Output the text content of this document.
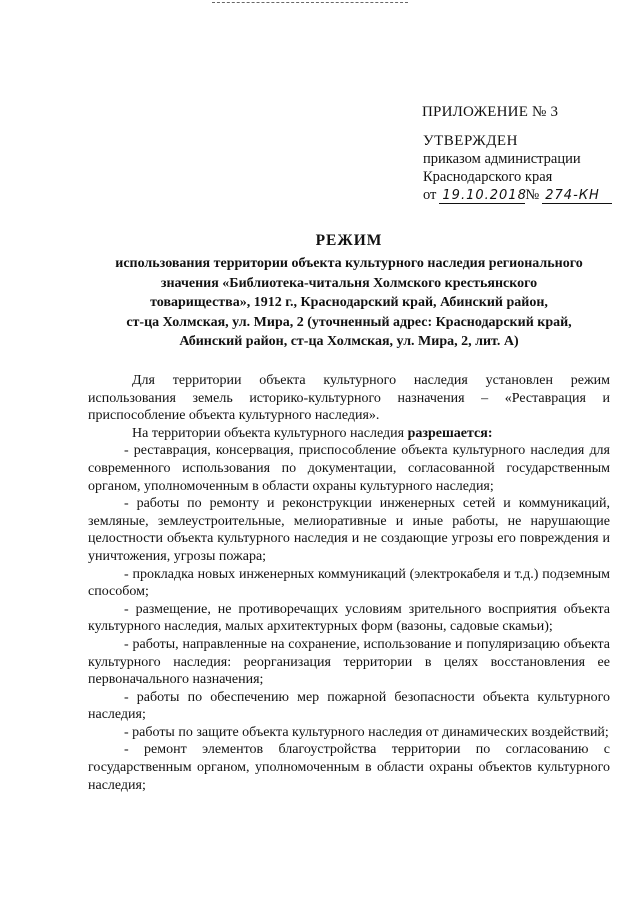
ПРИЛОЖЕНИЕ № 3
УТВЕРЖДЕН
приказом администрации
Краснодарского края
от 19.10.2018
№ 274-КН
РЕЖИМ
использования территории объекта культурного наследия регионального
значения «Библиотека-читальня Холмского крестьянского
товарищества», 1912 г., Краснодарский край, Абинский район,
ст-ца Холмская, ул. Мира, 2 (уточненный адрес: Краснодарский край,
Абинский район, ст-ца Холмская, ул. Мира, 2, лит. А)

Для территории объекта культурного наследия установлен режим использования земель историко-культурного назначения – «Реставрация и приспособление объекта культурного наследия».

На территории объекта культурного наследия разрешается:

- реставрация, консервация, приспособление объекта культурного наследия для современного использования по документации, согласованной государственным органом, уполномоченным в области охраны культурного наследия;

- работы по ремонту и реконструкции инженерных сетей и коммуникаций, земляные, землеустроительные, мелиоративные и иные работы, не нарушающие целостности объекта культурного наследия и не создающие угрозы его повреждения и уничтожения, угрозы пожара;

- прокладка новых инженерных коммуникаций (электрокабеля и т.д.) подземным способом;

- размещение, не противоречащих условиям зрительного восприятия объекта культурного наследия, малых архитектурных форм (вазоны, садовые скамьи);

- работы, направленные на сохранение, использование и популяризацию объекта культурного наследия: реорганизация территории в целях восстановления ее первоначального назначения;

- работы по обеспечению мер пожарной безопасности объекта культурного наследия;

- работы по защите объекта культурного наследия от динамических воздействий;

- ремонт элементов благоустройства территории по согласованию с государственным органом, уполномоченным в области охраны объектов культурного наследия;
